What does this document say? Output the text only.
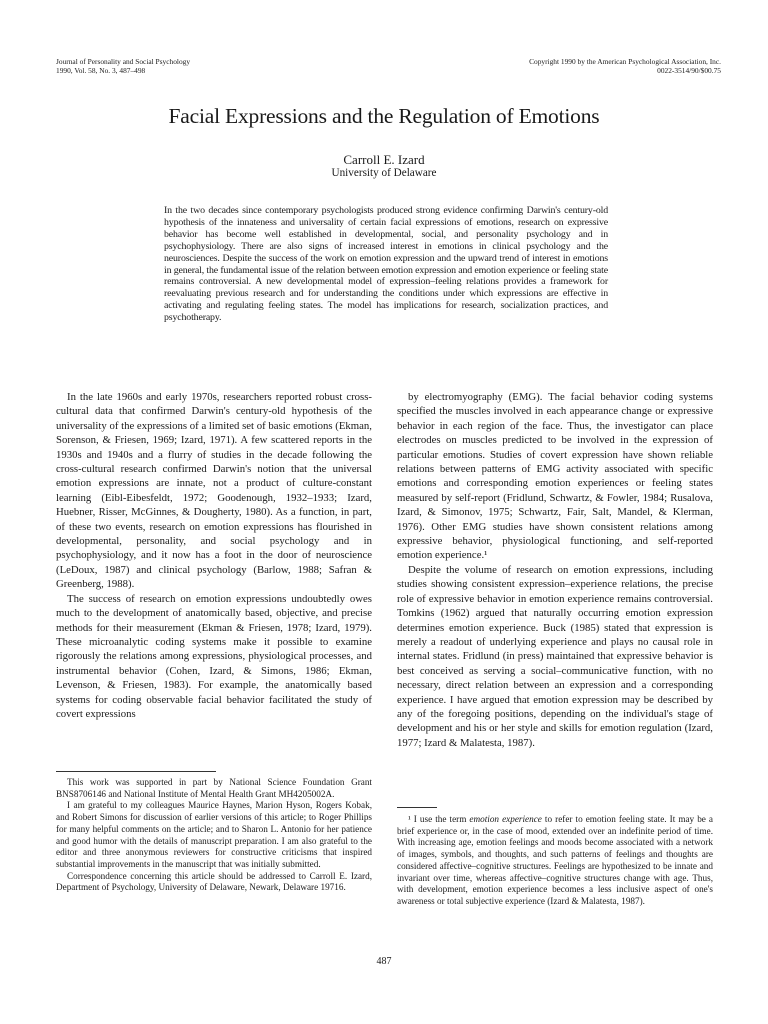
Journal of Personality and Social Psychology
1990, Vol. 58, No. 3, 487–498
Copyright 1990 by the American Psychological Association, Inc.
0022-3514/90/$00.75
Facial Expressions and the Regulation of Emotions
Carroll E. Izard
University of Delaware
In the two decades since contemporary psychologists produced strong evidence confirming Darwin's century-old hypothesis of the innateness and universality of certain facial expressions of emotions, research on expressive behavior has become well established in developmental, social, and personality psychology and in psychophysiology. There are also signs of increased interest in emotions in clinical psychology and the neurosciences. Despite the success of the work on emotion expression and the upward trend of interest in emotions in general, the fundamental issue of the relation between emotion expression and emotion experience or feeling state remains controversial. A new developmental model of expression–feeling relations provides a framework for reevaluating previous research and for understanding the conditions under which expressions are effective in activating and regulating feeling states. The model has implications for research, socialization practices, and psychotherapy.

In the late 1960s and early 1970s, researchers reported robust cross-cultural data that confirmed Darwin's century-old hypothesis of the universality of the expressions of a limited set of basic emotions (Ekman, Sorenson, & Friesen, 1969; Izard, 1971). A few scattered reports in the 1930s and 1940s and a flurry of studies in the decade following the cross-cultural research confirmed Darwin's notion that the universal emotion expressions are innate, not a product of culture-constant learning (Eibl-Eibesfeldt, 1972; Goodenough, 1932–1933; Izard, Huebner, Risser, McGinnes, & Dougherty, 1980). As a function, in part, of these two events, research on emotion expressions has flourished in developmental, personality, and social psychology and in psychophysiology, and it now has a foot in the door of neuroscience (LeDoux, 1987) and clinical psychology (Barlow, 1988; Safran & Greenberg, 1988).

The success of research on emotion expressions undoubtedly owes much to the development of anatomically based, objective, and precise methods for their measurement (Ekman & Friesen, 1978; Izard, 1979). These microanalytic coding systems make it possible to examine rigorously the relations among expressions, physiological processes, and instrumental behavior (Cohen, Izard, & Simons, 1986; Ekman, Levenson, & Friesen, 1983). For example, the anatomically based systems for coding observable facial behavior facilitated the study of covert expressions

by electromyography (EMG). The facial behavior coding systems specified the muscles involved in each appearance change or expressive behavior in each region of the face. Thus, the investigator can place electrodes on muscles predicted to be involved in the expression of particular emotions. Studies of covert expression have shown reliable relations between patterns of EMG activity associated with specific emotions and corresponding emotion experiences or feeling states measured by self-report (Fridlund, Schwartz, & Fowler, 1984; Rusalova, Izard, & Simonov, 1975; Schwartz, Fair, Salt, Mandel, & Klerman, 1976). Other EMG studies have shown consistent relations among expressive behavior, physiological functioning, and self-reported emotion experience.¹

Despite the volume of research on emotion expressions, including studies showing consistent expression–experience relations, the precise role of expressive behavior in emotion experience remains controversial. Tomkins (1962) argued that naturally occurring emotion expression determines emotion experience. Buck (1985) stated that expression is merely a readout of underlying experience and plays no causal role in internal states. Fridlund (in press) maintained that expressive behavior is best conceived as serving a social–communicative function, with no necessary, direct relation between an expression and a corresponding experience. I have argued that emotion expression may be described by any of the foregoing positions, depending on the individual's stage of development and his or her style and skills for emotion regulation (Izard, 1977; Izard & Malatesta, 1987).

This work was supported in part by National Science Foundation Grant BNS8706146 and National Institute of Mental Health Grant MH4205002A.

I am grateful to my colleagues Maurice Haynes, Marion Hyson, Rogers Kobak, and Robert Simons for discussion of earlier versions of this article; to Roger Phillips for many helpful comments on the article; and to Sharon L. Antonio for her patience and good humor with the details of manuscript preparation. I am also grateful to the editor and three anonymous reviewers for constructive criticisms that inspired substantial improvements in the manuscript that was initially submitted.

Correspondence concerning this article should be addressed to Carroll E. Izard, Department of Psychology, University of Delaware, Newark, Delaware 19716.

¹ I use the term emotion experience to refer to emotion feeling state. It may be a brief experience or, in the case of mood, extended over an indefinite period of time. With increasing age, emotion feelings and moods become associated with a network of images, symbols, and thoughts, and such patterns of feelings and thoughts are considered affective–cognitive structures. Feelings are hypothesized to be innate and invariant over time, whereas affective–cognitive structures change with age. Thus, with development, emotion experience becomes a less inclusive aspect of one's awareness or total subjective experience (Izard & Malatesta, 1987).

487
